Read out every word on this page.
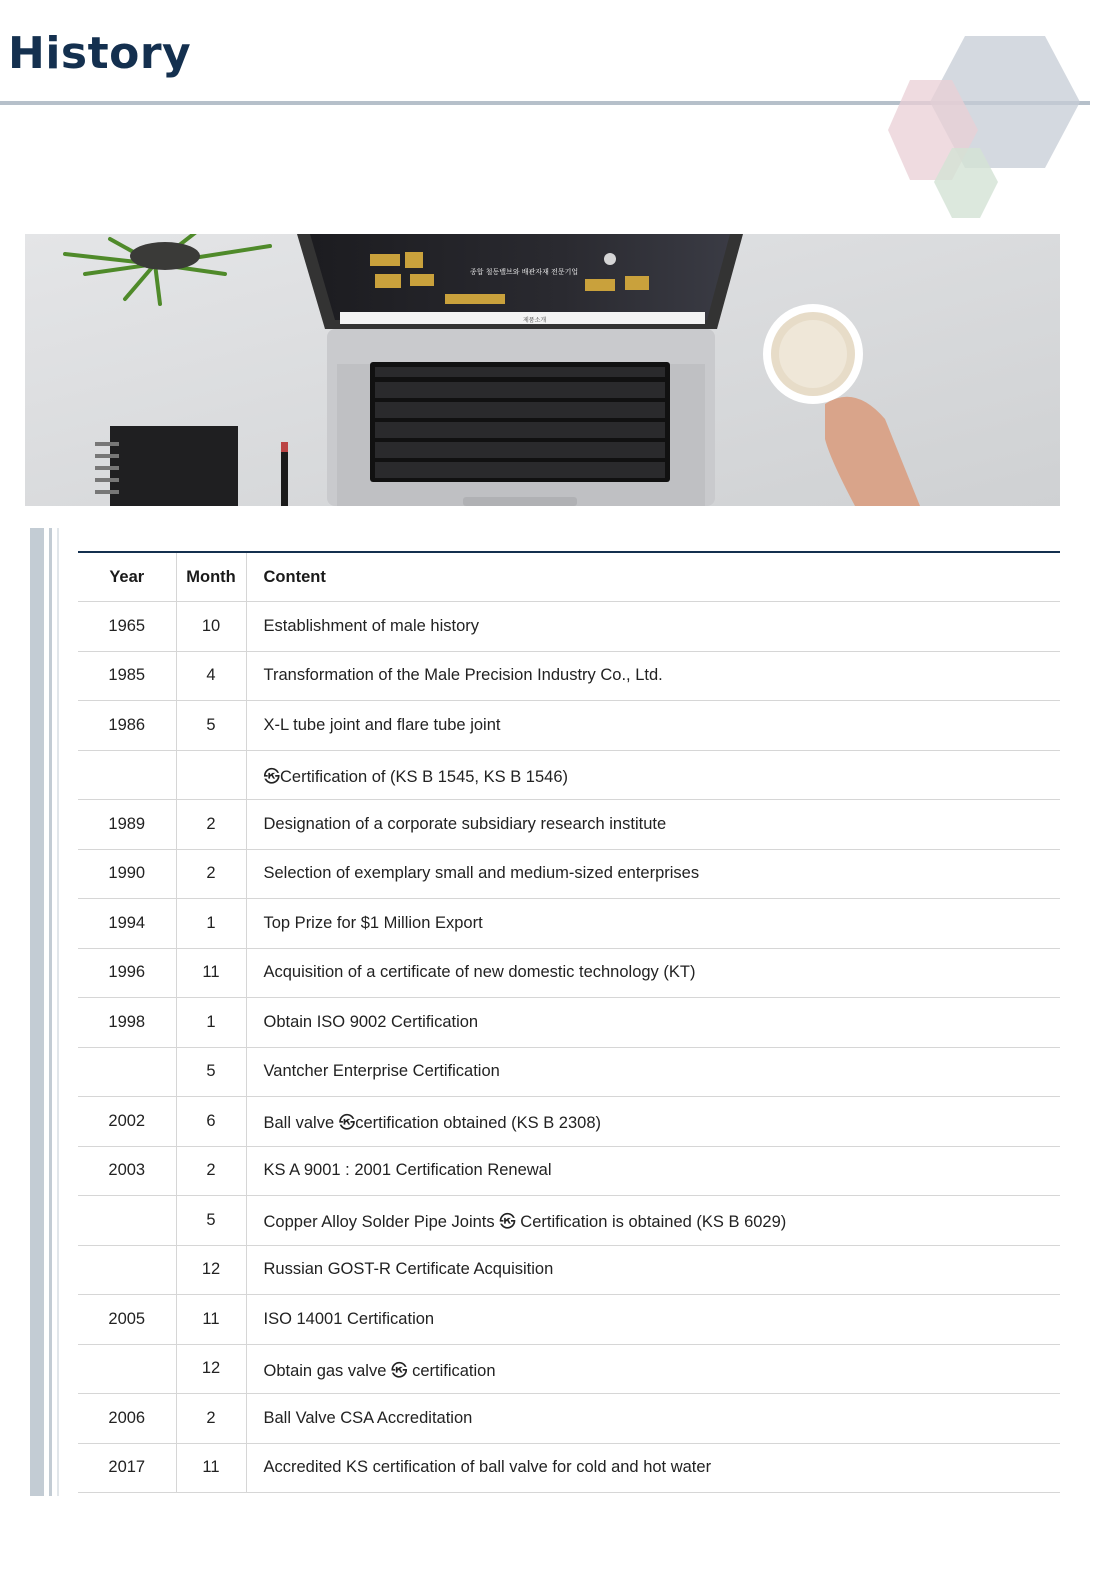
History
제품소개
종합 철동밸브와 배관자재 전문기업
Year	Month	Content
1965	10	Establishment of male history
1985	4	Transformation of the Male Precision Industry Co., Ltd.
1986	5	X-L tube joint and flare tube joint
		㉿Certification of (KS B 1545, KS B 1546)
1989	2	Designation of a corporate subsidiary research institute
1990	2	Selection of exemplary small and medium-sized enterprises
1994	1	Top Prize for $1 Million Export
1996	11	Acquisition of a certificate of new domestic technology (KT)
1998	1	Obtain ISO 9002 Certification
	5	Vantcher Enterprise Certification
2002	6	Ball valve ㉿certification obtained (KS B 2308)
2003	2	KS A 9001 : 2001 Certification Renewal
	5	Copper Alloy Solder Pipe Joints ㉿ Certification is obtained (KS B 6029)
	12	Russian GOST-R Certificate Acquisition
2005	11	ISO 14001 Certification
	12	Obtain gas valve ㉿ certification
2006	2	Ball Valve CSA Accreditation
2017	11	Accredited KS certification of ball valve for cold and hot water
